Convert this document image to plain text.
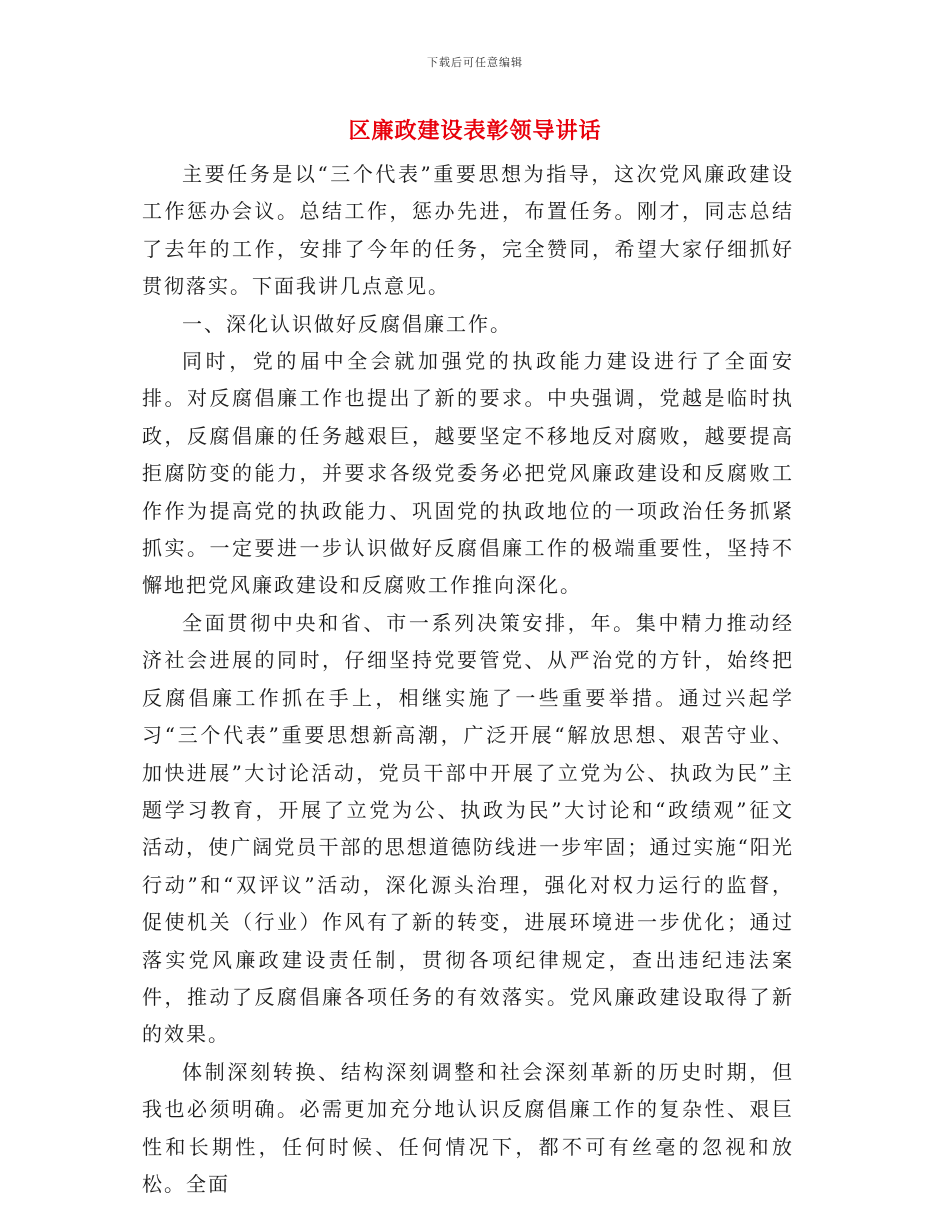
下载后可任意编辑
区廉政建设表彰领导讲话

主要任务是以“三个代表”重要思想为指导，这次党风廉政建设工作惩办会议。总结工作，惩办先进，布置任务。刚才，同志总结了去年的工作，安排了今年的任务，完全赞同，希望大家仔细抓好贯彻落实。下面我讲几点意见。

一、深化认识做好反腐倡廉工作。

同时，党的届中全会就加强党的执政能力建设进行了全面安排。对反腐倡廉工作也提出了新的要求。中央强调，党越是临时执政，反腐倡廉的任务越艰巨，越要坚定不移地反对腐败，越要提高拒腐防变的能力，并要求各级党委务必把党风廉政建设和反腐败工作作为提高党的执政能力、巩固党的执政地位的一项政治任务抓紧抓实。一定要进一步认识做好反腐倡廉工作的极端重要性，坚持不懈地把党风廉政建设和反腐败工作推向深化。

全面贯彻中央和省、市一系列决策安排，年。集中精力推动经济社会进展的同时，仔细坚持党要管党、从严治党的方针，始终把反腐倡廉工作抓在手上，相继实施了一些重要举措。通过兴起学习“三个代表”重要思想新高潮，广泛开展“解放思想、艰苦守业、加快进展”大讨论活动，党员干部中开展了立党为公、执政为民”主题学习教育，开展了立党为公、执政为民”大讨论和“政绩观”征文活动，使广阔党员干部的思想道德防线进一步牢固；通过实施“阳光行动”和“双评议”活动，深化源头治理，强化对权力运行的监督，促使机关（行业）作风有了新的转变，进展环境进一步优化；通过落实党风廉政建设责任制，贯彻各项纪律规定，查出违纪违法案件，推动了反腐倡廉各项任务的有效落实。党风廉政建设取得了新的效果。

体制深刻转换、结构深刻调整和社会深刻革新的历史时期，但我也必须明确。必需更加充分地认识反腐倡廉工作的复杂性、艰巨性和长期性，任何时候、任何情况下，都不可有丝毫的忽视和放松。全面
